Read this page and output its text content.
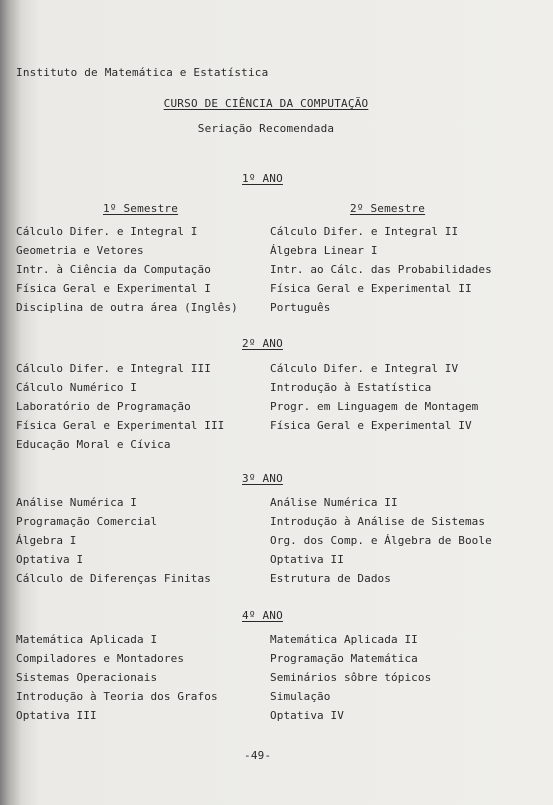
Instituto de Matemática e Estatística
CURSO DE CIÊNCIA DA COMPUTAÇÃO
Seriação Recomendada
1º ANO
1º Semestre	2º Semestre
Cálculo Difer. e Integral I
Geometria e Vetores
Intr. à Ciência da Computação
Física Geral e Experimental I
Disciplina de outra área (Inglês)
Cálculo Difer. e Integral II
Álgebra Linear I
Intr. ao Cálc. das Probabilidades
Física Geral e Experimental II
Português
2º ANO
Cálculo Difer. e Integral III
Cálculo Numérico I
Laboratório de Programação
Física Geral e Experimental III
Educação Moral e Cívica
Cálculo Difer. e Integral IV
Introdução à Estatística
Progr. em Linguagem de Montagem
Física Geral e Experimental IV
3º ANO
Análise Numérica I
Programação Comercial
Álgebra I
Optativa I
Cálculo de Diferenças Finitas
Análise Numérica II
Introdução à Análise de Sistemas
Org. dos Comp. e Álgebra de Boole
Optativa II
Estrutura de Dados
4º ANO
Matemática Aplicada I
Compiladores e Montadores
Sistemas Operacionais
Introdução à Teoria dos Grafos
Optativa III
Matemática Aplicada II
Programação Matemática
Seminários sôbre tópicos
Simulação
Optativa IV
-49-
